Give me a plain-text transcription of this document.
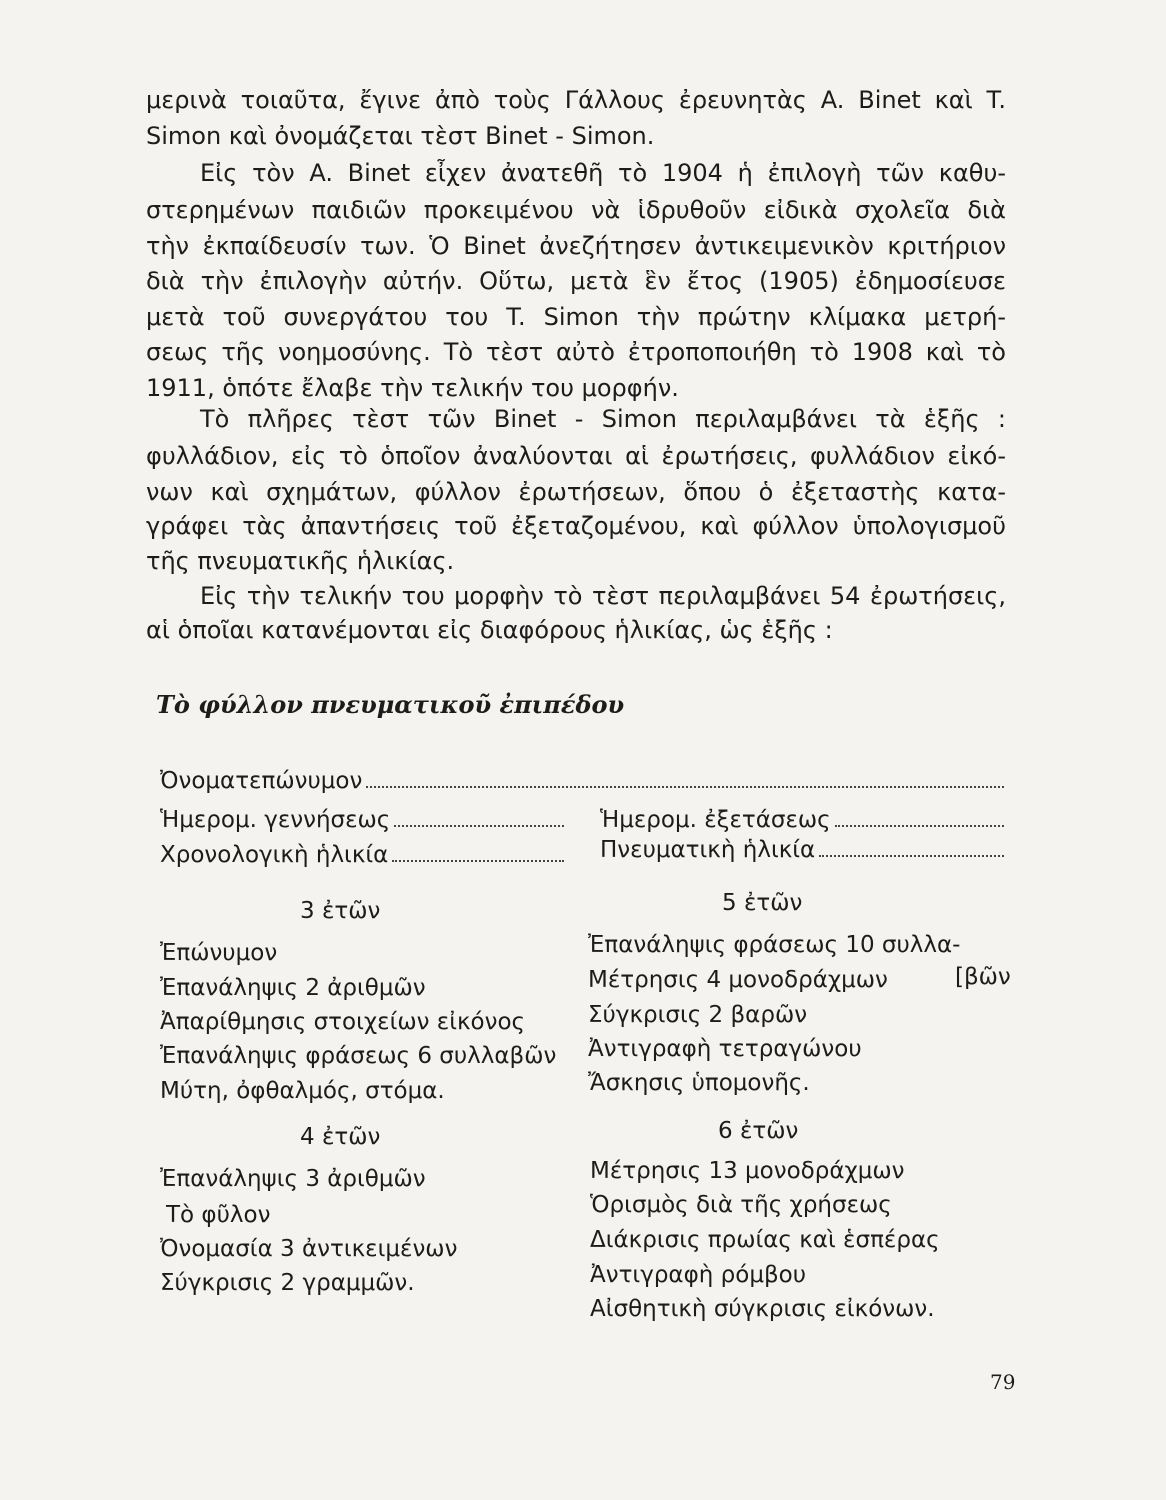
μερινὰ τοιαῦτα, ἔγινε ἀπὸ τοὺς Γάλλους ἐρευνητὰς A. Binet καὶ T.
Simon καὶ ὀνομάζεται τὲστ Binet - Simon.
Εἰς τὸν A. Binet εἶχεν ἀνατεθῆ τὸ 1904 ἡ ἐπιλογὴ τῶν καθυ-
στερημένων παιδιῶν προκειμένου νὰ ἱδρυθοῦν εἰδικὰ σχολεῖα διὰ
τὴν ἐκπαίδευσίν των. Ὁ Binet ἀνεζήτησεν ἀντικειμενικὸν κριτήριον
διὰ τὴν ἐπιλογὴν αὐτήν. Οὕτω, μετὰ ἓν ἔτος (1905) ἐδημοσίευσε
μετὰ τοῦ συνεργάτου του T. Simon τὴν πρώτην κλίμακα μετρή-
σεως τῆς νοημοσύνης. Τὸ τὲστ αὐτὸ ἐτροποποιήθη τὸ 1908 καὶ τὸ
1911, ὁπότε ἔλαβε τὴν τελικήν του μορφήν.
Τὸ πλῆρες τὲστ τῶν Binet - Simon περιλαμβάνει τὰ ἑξῆς :
φυλλάδιον, εἰς τὸ ὁποῖον ἀναλύονται αἱ ἐρωτήσεις, φυλλάδιον εἰκό-
νων καὶ σχημάτων, φύλλον ἐρωτήσεων, ὅπου ὁ ἐξεταστὴς κατα-
γράφει τὰς ἀπαντήσεις τοῦ ἐξεταζομένου, καὶ φύλλον ὑπολογισμοῦ
τῆς πνευματικῆς ἡλικίας.
Εἰς τὴν τελικήν του μορφὴν τὸ τὲστ περιλαμβάνει 54 ἐρωτήσεις,
αἱ ὁποῖαι κατανέμονται εἰς διαφόρους ἡλικίας, ὡς ἑξῆς :
Τὸ φύλλον πνευματικοῦ ἐπιπέδου
Ὀνοματεπώνυμον
Ἡμερομ. γεννήσεως	Ἡμερομ. ἐξετάσεως
Χρονολογικὴ ἡλικία	Πνευματικὴ ἡλικία
3 ἐτῶν	5 ἐτῶν
4 ἐτῶν	6 ἐτῶν
Ἐπώνυμον
Ἐπανάληψις 2 ἀριθμῶν
Ἀπαρίθμησις στοιχείων εἰκόνος
Ἐπανάληψις φράσεως 6 συλλαβῶν
Μύτη, ὀφθαλμός, στόμα.
Ἐπανάληψις φράσεως 10 συλλα-
Μέτρησις 4 μονοδράχμων	[βῶν
Σύγκρισις 2 βαρῶν
Ἀντιγραφὴ τετραγώνου
Ἄσκησις ὑπομονῆς.
Ἐπανάληψις 3 ἀριθμῶν
Τὸ φῦλον
Ὀνομασία 3 ἀντικειμένων
Σύγκρισις 2 γραμμῶν.
Μέτρησις 13 μονοδράχμων
Ὁρισμὸς διὰ τῆς χρήσεως
Διάκρισις πρωίας καὶ ἑσπέρας
Ἀντιγραφὴ ρόμβου
Αἰσθητικὴ σύγκρισις εἰκόνων.
79
